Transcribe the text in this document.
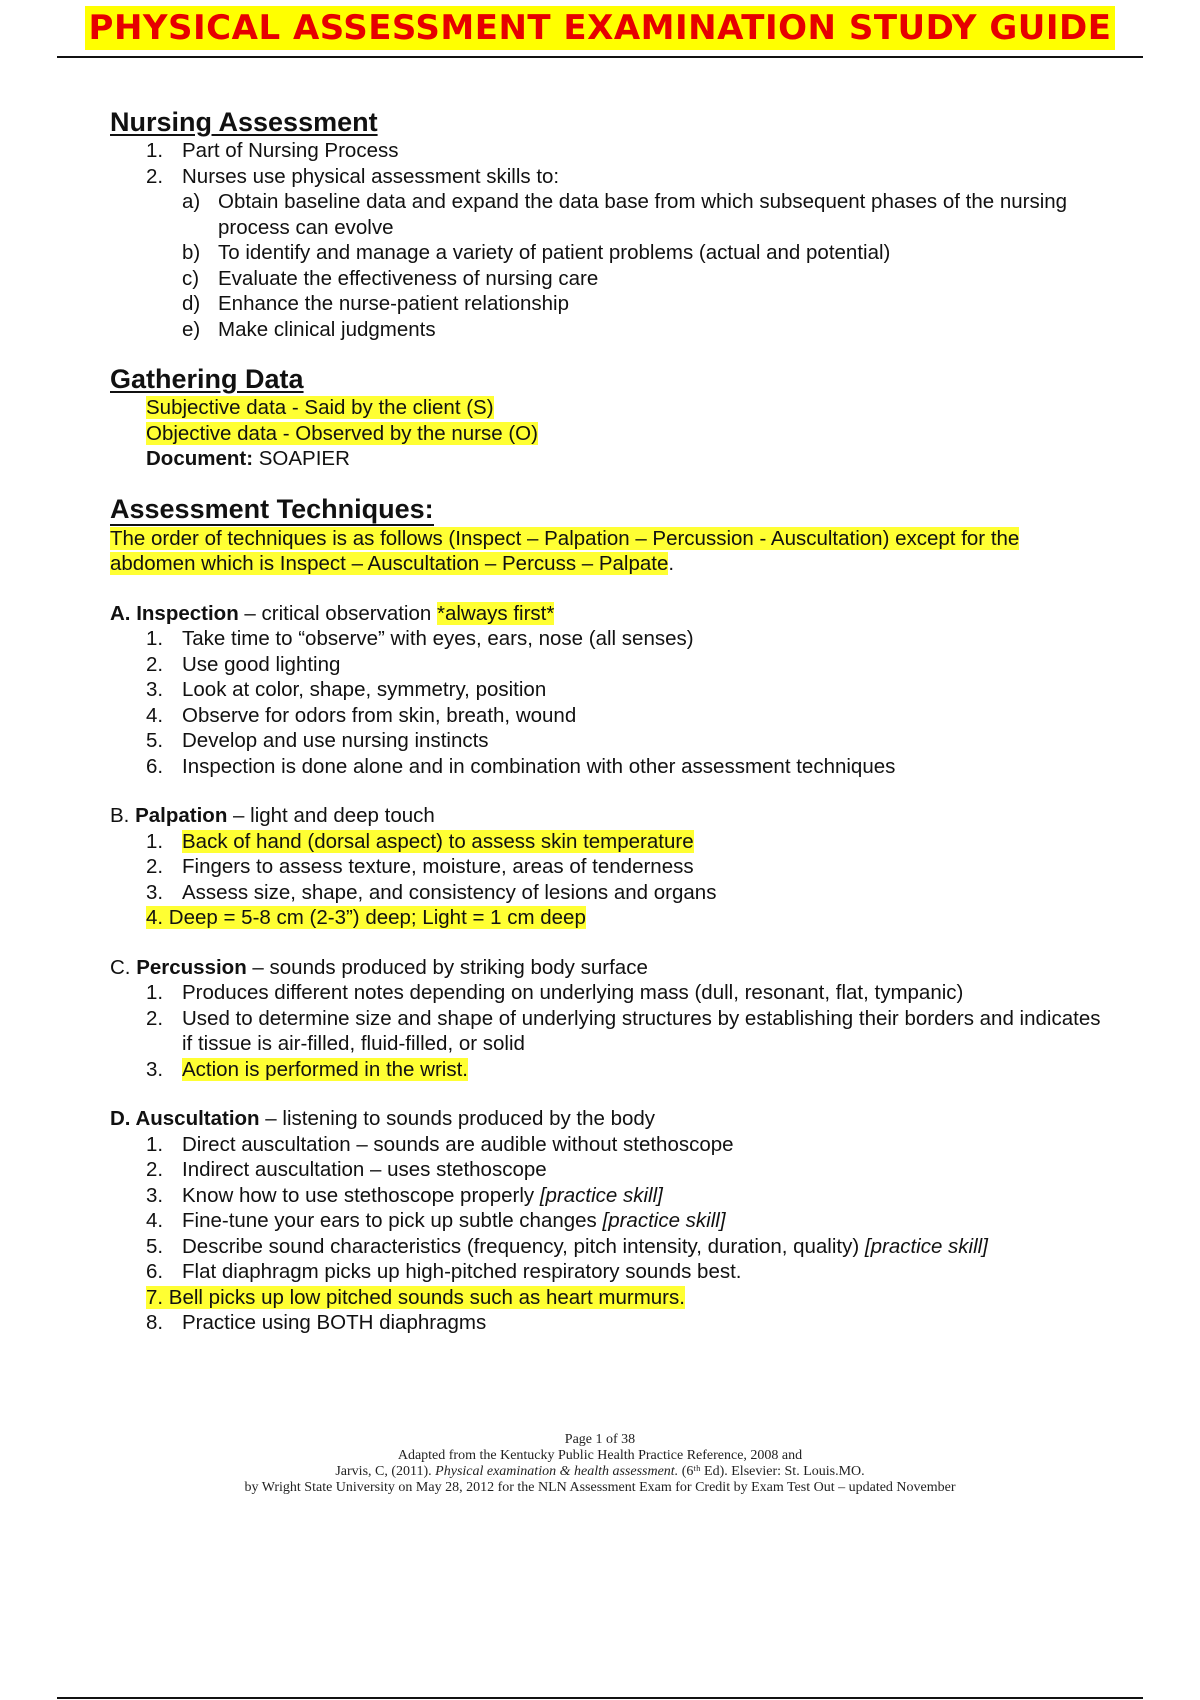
PHYSICAL ASSESSMENT EXAMINATION STUDY GUIDE
Nursing Assessment
1. Part of Nursing Process
2. Nurses use physical assessment skills to:
a) Obtain baseline data and expand the data base from which subsequent phases of the nursing process can evolve
b) To identify and manage a variety of patient problems (actual and potential)
c) Evaluate the effectiveness of nursing care
d) Enhance the nurse-patient relationship
e) Make clinical judgments
Gathering Data
Subjective data - Said by the client (S)
Objective data - Observed by the nurse (O)
Document: SOAPIER
Assessment Techniques:
The order of techniques is as follows (Inspect – Palpation – Percussion - Auscultation) except for the abdomen which is Inspect – Auscultation – Percuss – Palpate.
A. Inspection – critical observation *always first*
1. Take time to “observe” with eyes, ears, nose (all senses)
2. Use good lighting
3. Look at color, shape, symmetry, position
4. Observe for odors from skin, breath, wound
5. Develop and use nursing instincts
6. Inspection is done alone and in combination with other assessment techniques
B. Palpation – light and deep touch
1. Back of hand (dorsal aspect) to assess skin temperature
2. Fingers to assess texture, moisture, areas of tenderness
3. Assess size, shape, and consistency of lesions and organs
4. Deep = 5-8 cm (2-3”) deep; Light = 1 cm deep
C. Percussion – sounds produced by striking body surface
1. Produces different notes depending on underlying mass (dull, resonant, flat, tympanic)
2. Used to determine size and shape of underlying structures by establishing their borders and indicates if tissue is air-filled, fluid-filled, or solid
3. Action is performed in the wrist.
D. Auscultation – listening to sounds produced by the body
1. Direct auscultation – sounds are audible without stethoscope
2. Indirect auscultation – uses stethoscope
3. Know how to use stethoscope properly [practice skill]
4. Fine-tune your ears to pick up subtle changes [practice skill]
5. Describe sound characteristics (frequency, pitch intensity, duration, quality) [practice skill]
6. Flat diaphragm picks up high-pitched respiratory sounds best.
7. Bell picks up low pitched sounds such as heart murmurs.
8. Practice using BOTH diaphragms
Page 1 of 38
Adapted from the Kentucky Public Health Practice Reference, 2008 and
Jarvis, C, (2011). Physical examination & health assessment. (6ᵗʰ Ed). Elsevier: St. Louis.MO.
by Wright State University on May 28, 2012 for the NLN Assessment Exam for Credit by Exam Test Out – updated November
